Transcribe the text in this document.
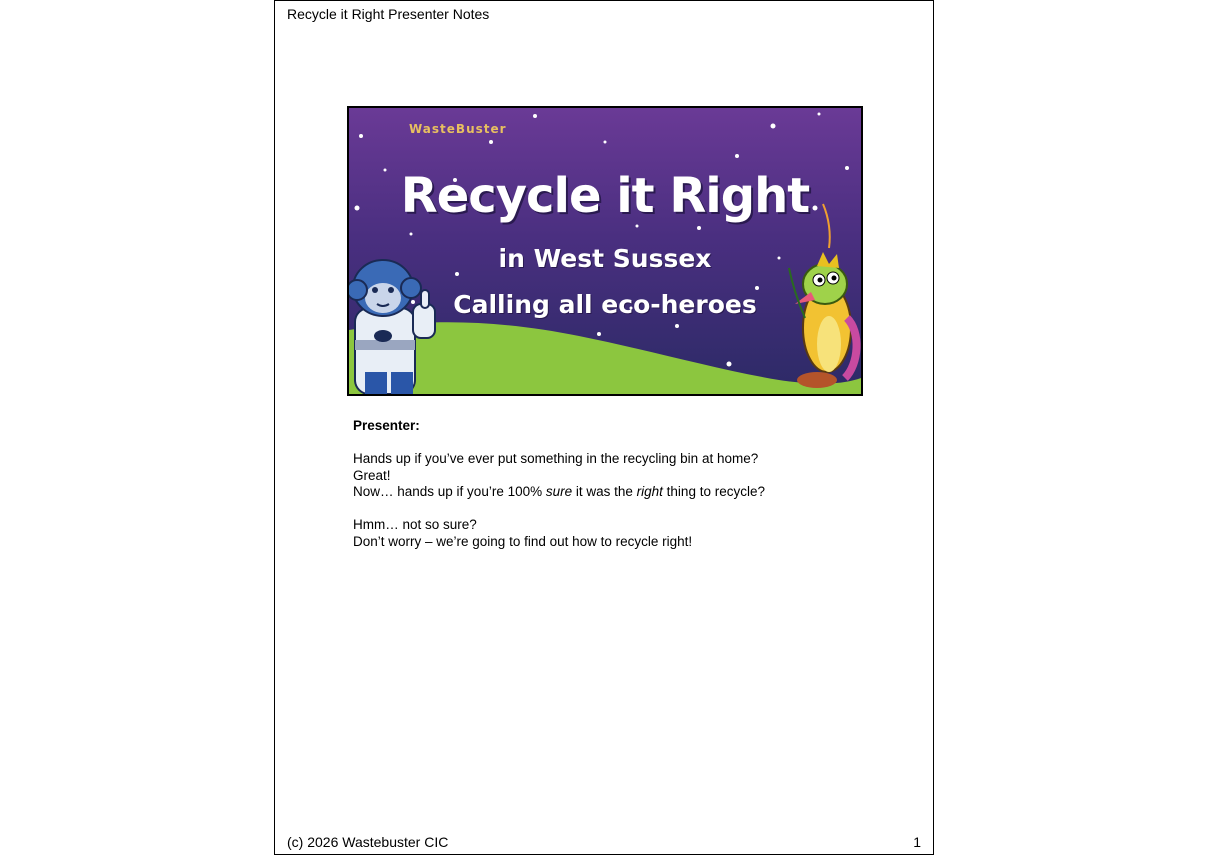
Recycle it Right Presenter Notes
WasteBuster
Recycle it Right
in West Sussex
Calling all eco-heroes

Presenter:

Hands up if you’ve ever put something in the recycling bin at home?

Great!

Now… hands up if you’re 100% sure it was the right thing to recycle?

Hmm… not so sure?

Don’t worry – we’re going to find out how to recycle right!

(c) 2026 Wastebuster CIC	1
